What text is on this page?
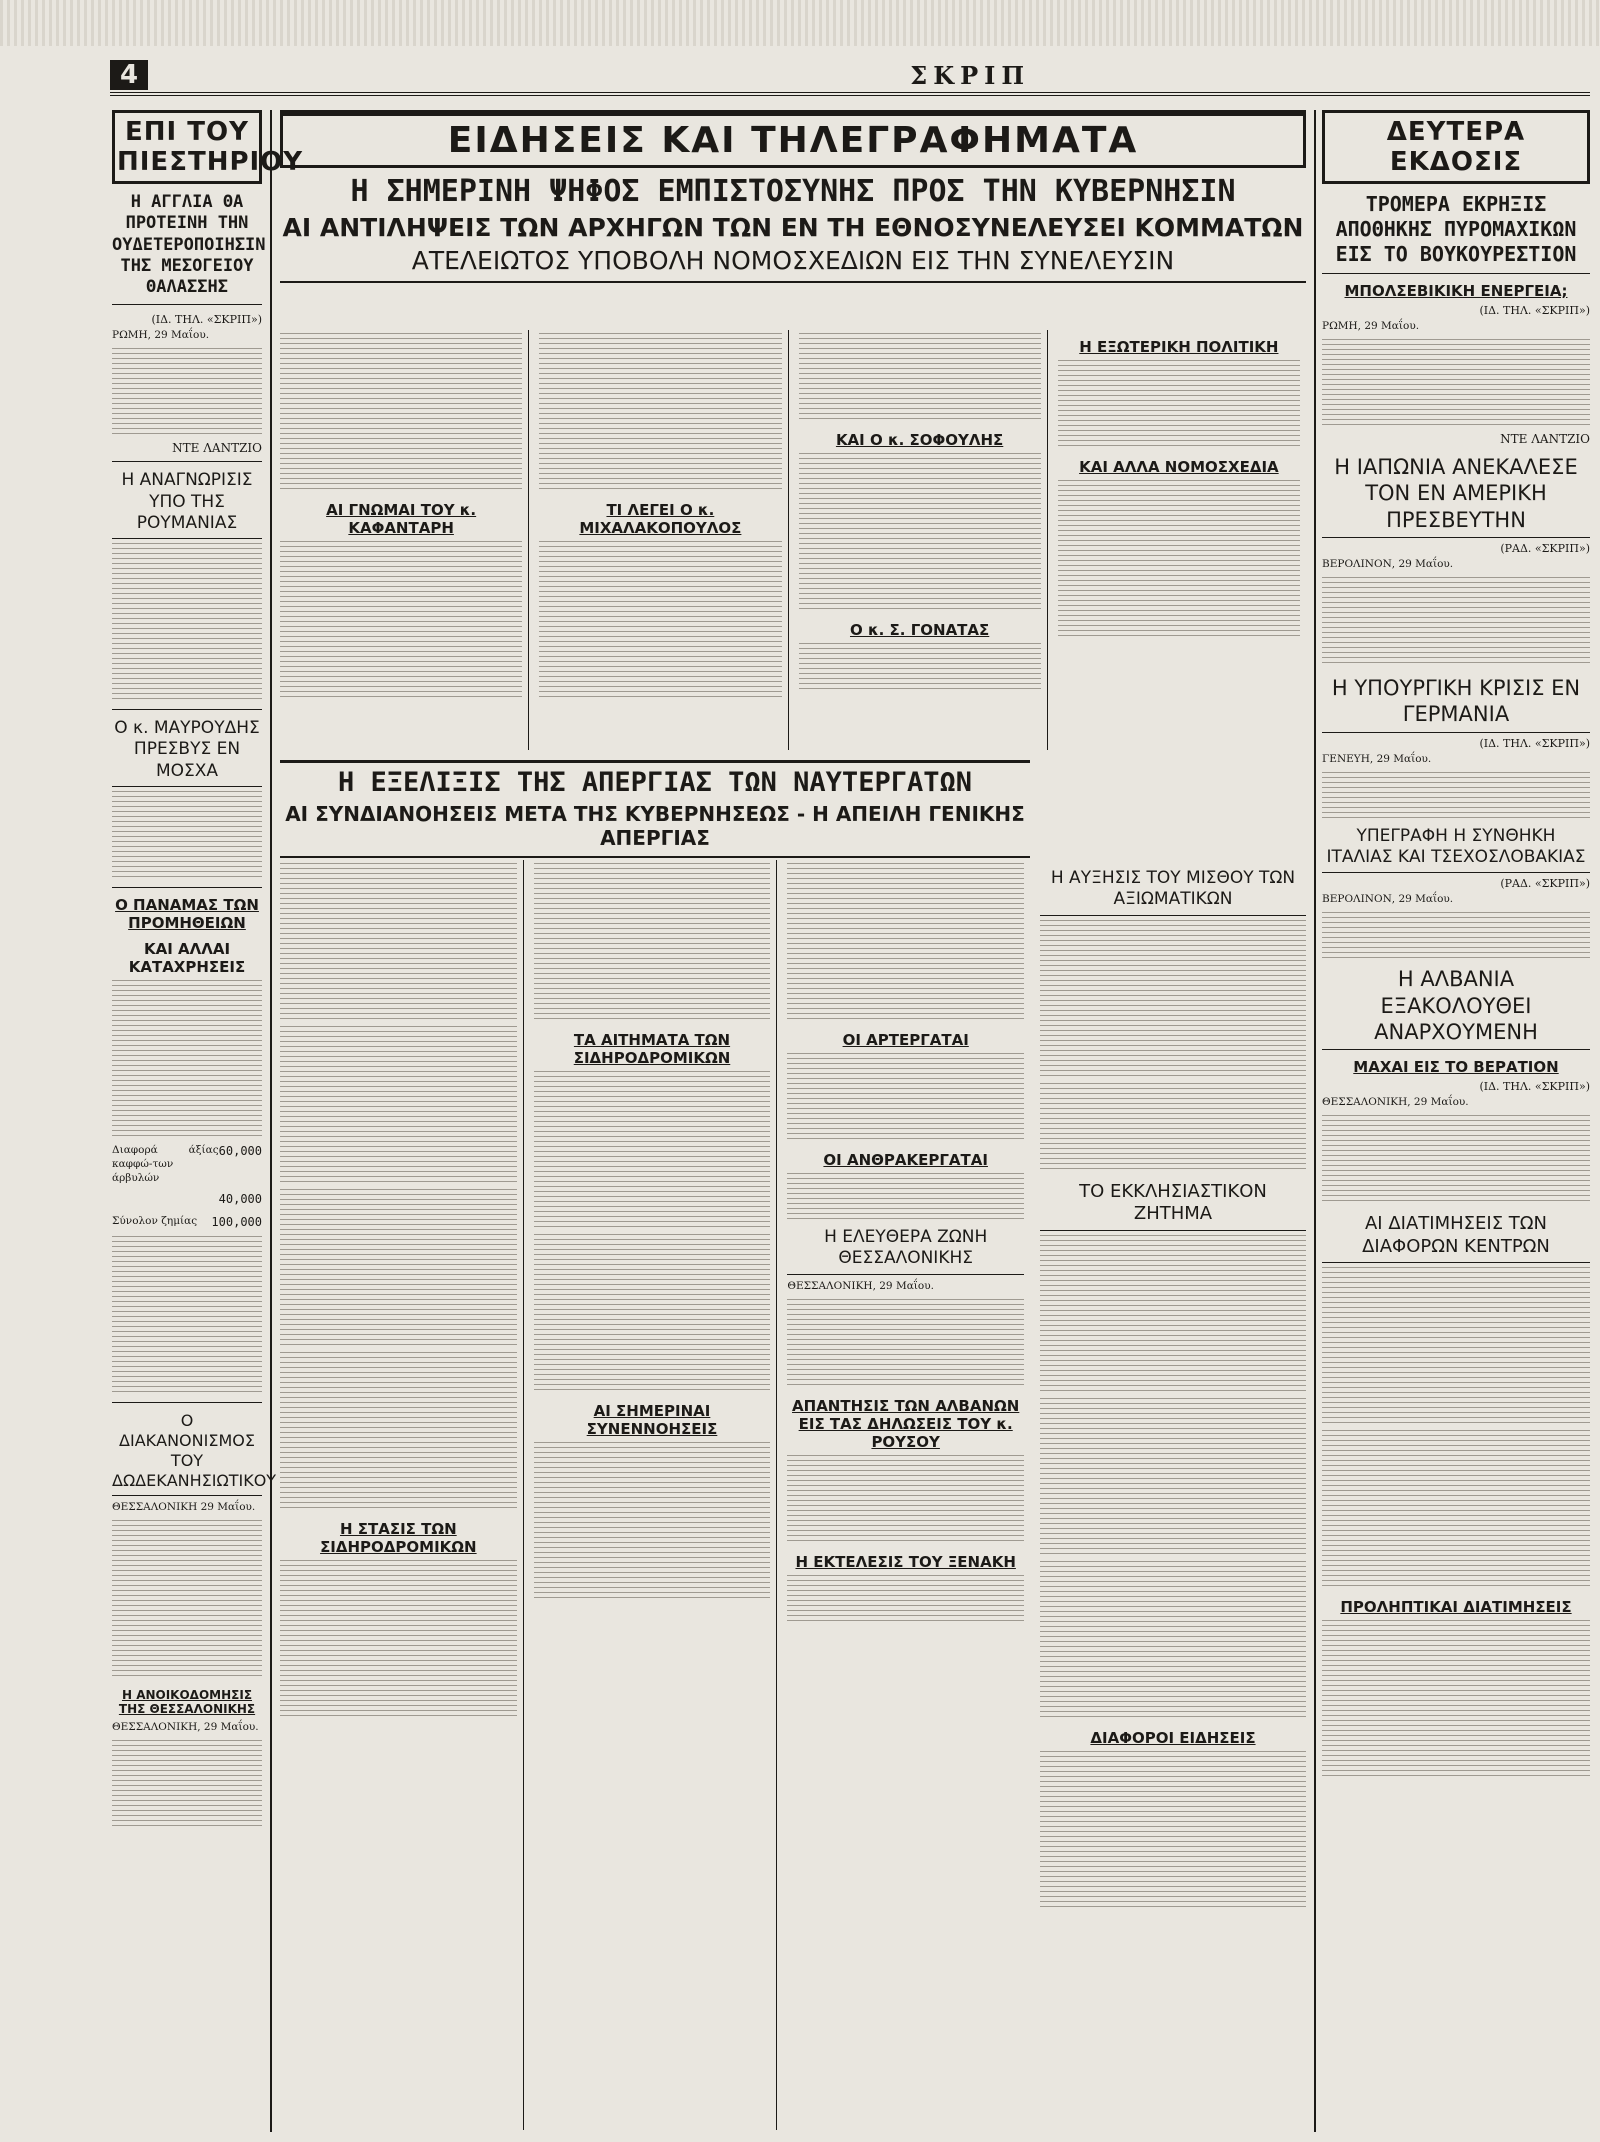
4	ΣΚΡΙΠ
ΕΠΙ ΤΟΥ ΠΙΕΣΤΗΡΙΟΥ
Η ΑΓΓΛΙΑ ΘΑ ΠΡΟΤΕΙΝΗ ΤΗΝ ΟΥΔΕΤΕΡΟΠΟΙΗΣΙΝ ΤΗΣ ΜΕΣΟΓΕΙΟΥ ΘΑΛΑΣΣΗΣ
(ΙΔ. ΤΗΛ. «ΣΚΡΙΠ»)
ΡΩΜΗ, 29 Μαΐου.
ΝΤΕ ΛΑΝΤΖΙΟ
Η ΑΝΑΓΝΩΡΙΣΙΣ ΥΠΟ ΤΗΣ ΡΟΥΜΑΝΙΑΣ
Ο κ. ΜΑΥΡΟΥΔΗΣ ΠΡΕΣΒΥΣ ΕΝ ΜΟΣΧΑ
Ο ΠΑΝΑΜΑΣ ΤΩΝ ΠΡΟΜΗΘΕΙΩΝ
ΚΑΙ ΑΛΛΑΙ ΚΑΤΑΧΡΗΣΕΙΣ
Διαφορά άξίας καφφώ-των άρβυλών
60,000
40,000
Σύνολον ζημίας 100,000
Ο ΔΙΑΚΑΝΟΝΙΣΜΟΣ ΤΟΥ ΔΩΔΕΚΑΝΗΣΙΩΤΙΚΟΥ
ΘΕΣΣΑΛΟΝΙΚΗ 29 Μαΐου.
Η ΑΝΟΙΚΟΔΟΜΗΣΙΣ ΤΗΣ ΘΕΣΣΑΛΟΝΙΚΗΣ
ΘΕΣΣΑΛΟΝΙΚΗ, 29 Μαΐου.
ΕΙΔΗΣΕΙΣ ΚΑΙ ΤΗΛΕΓΡΑΦΗΜΑΤΑ
Η ΣΗΜΕΡΙΝΗ ΨΗΦΟΣ ΕΜΠΙΣΤΟΣΥΝΗΣ ΠΡΟΣ ΤΗΝ ΚΥΒΕΡΝΗΣΙΝ
ΑΙ ΑΝΤΙΛΗΨΕΙΣ ΤΩΝ ΑΡΧΗΓΩΝ ΤΩΝ ΕΝ ΤΗ ΕΘΝΟΣΥΝΕΛΕΥΣΕΙ ΚΟΜΜΑΤΩΝ
ΑΤΕΛΕΙΩΤΟΣ ΥΠΟΒΟΛΗ ΝΟΜΟΣΧΕΔΙΩΝ ΕΙΣ ΤΗΝ ΣΥΝΕΛΕΥΣΙΝ
ΑΙ ΓΝΩΜΑΙ ΤΟΥ κ. ΚΑΦΑΝΤΑΡΗ
ΤΙ ΛΕΓΕΙ Ο κ. ΜΙΧΑΛΑΚΟΠΟΥΛΟΣ
ΚΑΙ Ο κ. ΣΟΦΟΥΛΗΣ
Ο κ. Σ. ΓΟΝΑΤΑΣ
Η ΕΞΩΤΕΡΙΚΗ ΠΟΛΙΤΙΚΗ
ΚΑΙ ΑΛΛΑ ΝΟΜΟΣΧΕΔΙΑ
Η ΕΞΕΛΙΞΙΣ ΤΗΣ ΑΠΕΡΓΙΑΣ ΤΩΝ ΝΑΥΤΕΡΓΑΤΩΝ
ΑΙ ΣΥΝΔΙΑΝΟΗΣΕΙΣ ΜΕΤΑ ΤΗΣ ΚΥΒΕΡΝΗΣΕΩΣ - Η ΑΠΕΙΛΗ ΓΕΝΙΚΗΣ ΑΠΕΡΓΙΑΣ
Η ΣΤΑΣΙΣ ΤΩΝ ΣΙΔΗΡΟΔΡΟΜΙΚΩΝ
ΤΑ ΑΙΤΗΜΑΤΑ ΤΩΝ ΣΙΔΗΡΟΔΡΟΜΙΚΩΝ
ΑΙ ΣΗΜΕΡΙΝΑΙ ΣΥΝΕΝΝΟΗΣΕΙΣ
ΟΙ ΑΡΤΕΡΓΑΤΑΙ
ΟΙ ΑΝΘΡΑΚΕΡΓΑΤΑΙ
Η ΕΛΕΥΘΕΡΑ ΖΩΝΗ ΘΕΣΣΑΛΟΝΙΚΗΣ
ΘΕΣΣΑΛΟΝΙΚΗ, 29 Μαΐου.
ΑΠΑΝΤΗΣΙΣ ΤΩΝ ΑΛΒΑΝΩΝ ΕΙΣ ΤΑΣ ΔΗΛΩΣΕΙΣ ΤΟΥ κ. ΡΟΥΣΟΥ
Η ΕΚΤΕΛΕΣΙΣ ΤΟΥ ΞΕΝΑΚΗ
Η ΑΥΞΗΣΙΣ ΤΟΥ ΜΙΣΘΟΥ ΤΩΝ ΑΞΙΩΜΑΤΙΚΩΝ
ΤΟ ΕΚΚΛΗΣΙΑΣΤΙΚΟΝ ΖΗΤΗΜΑ
ΔΙΑΦΟΡΟΙ ΕΙΔΗΣΕΙΣ
ΔΕΥΤΕΡΑ ΕΚΔΟΣΙΣ
ΤΡΟΜΕΡΑ ΕΚΡΗΞΙΣ ΑΠΟΘΗΚΗΣ ΠΥΡΟΜΑΧΙΚΩΝ ΕΙΣ ΤΟ ΒΟΥΚΟΥΡΕΣΤΙΟΝ
ΜΠΟΛΣΕΒΙΚΙΚΗ ΕΝΕΡΓΕΙΑ;
(ΙΔ. ΤΗΛ. «ΣΚΡΙΠ»)
ΡΩΜΗ, 29 Μαΐου.
ΝΤΕ ΛΑΝΤΖΙΟ
Η ΙΑΠΩΝΙΑ ΑΝΕΚΑΛΕΣΕ ΤΟΝ ΕΝ ΑΜΕΡΙΚΗ ΠΡΕΣΒΕΥΤΗΝ
(ΡΑΔ. «ΣΚΡΙΠ»)
ΒΕΡΟΛΙΝΟΝ, 29 Μαΐου.
Η ΥΠΟΥΡΓΙΚΗ ΚΡΙΣΙΣ ΕΝ ΓΕΡΜΑΝΙΑ
(ΙΔ. ΤΗΛ. «ΣΚΡΙΠ»)
ΓΕΝΕΥΗ, 29 Μαΐου.
ΥΠΕΓΡΑΦΗ Η ΣΥΝΘΗΚΗ ΙΤΑΛΙΑΣ ΚΑΙ ΤΣΕΧΟΣΛΟΒΑΚΙΑΣ
(ΡΑΔ. «ΣΚΡΙΠ»)
ΒΕΡΟΛΙΝΟΝ, 29 Μαΐου.
Η ΑΛΒΑΝΙΑ ΕΞΑΚΟΛΟΥΘΕΙ ΑΝΑΡΧΟΥΜΕΝΗ
ΜΑΧΑΙ ΕΙΣ ΤΟ ΒΕΡΑΤΙΟΝ
(ΙΔ. ΤΗΛ. «ΣΚΡΙΠ»)
ΘΕΣΣΑΛΟΝΙΚΗ, 29 Μαΐου.
ΑΙ ΔΙΑΤΙΜΗΣΕΙΣ ΤΩΝ ΔΙΑΦΟΡΩΝ ΚΕΝΤΡΩΝ
ΠΡΟΛΗΠΤΙΚΑΙ ΔΙΑΤΙΜΗΣΕΙΣ
